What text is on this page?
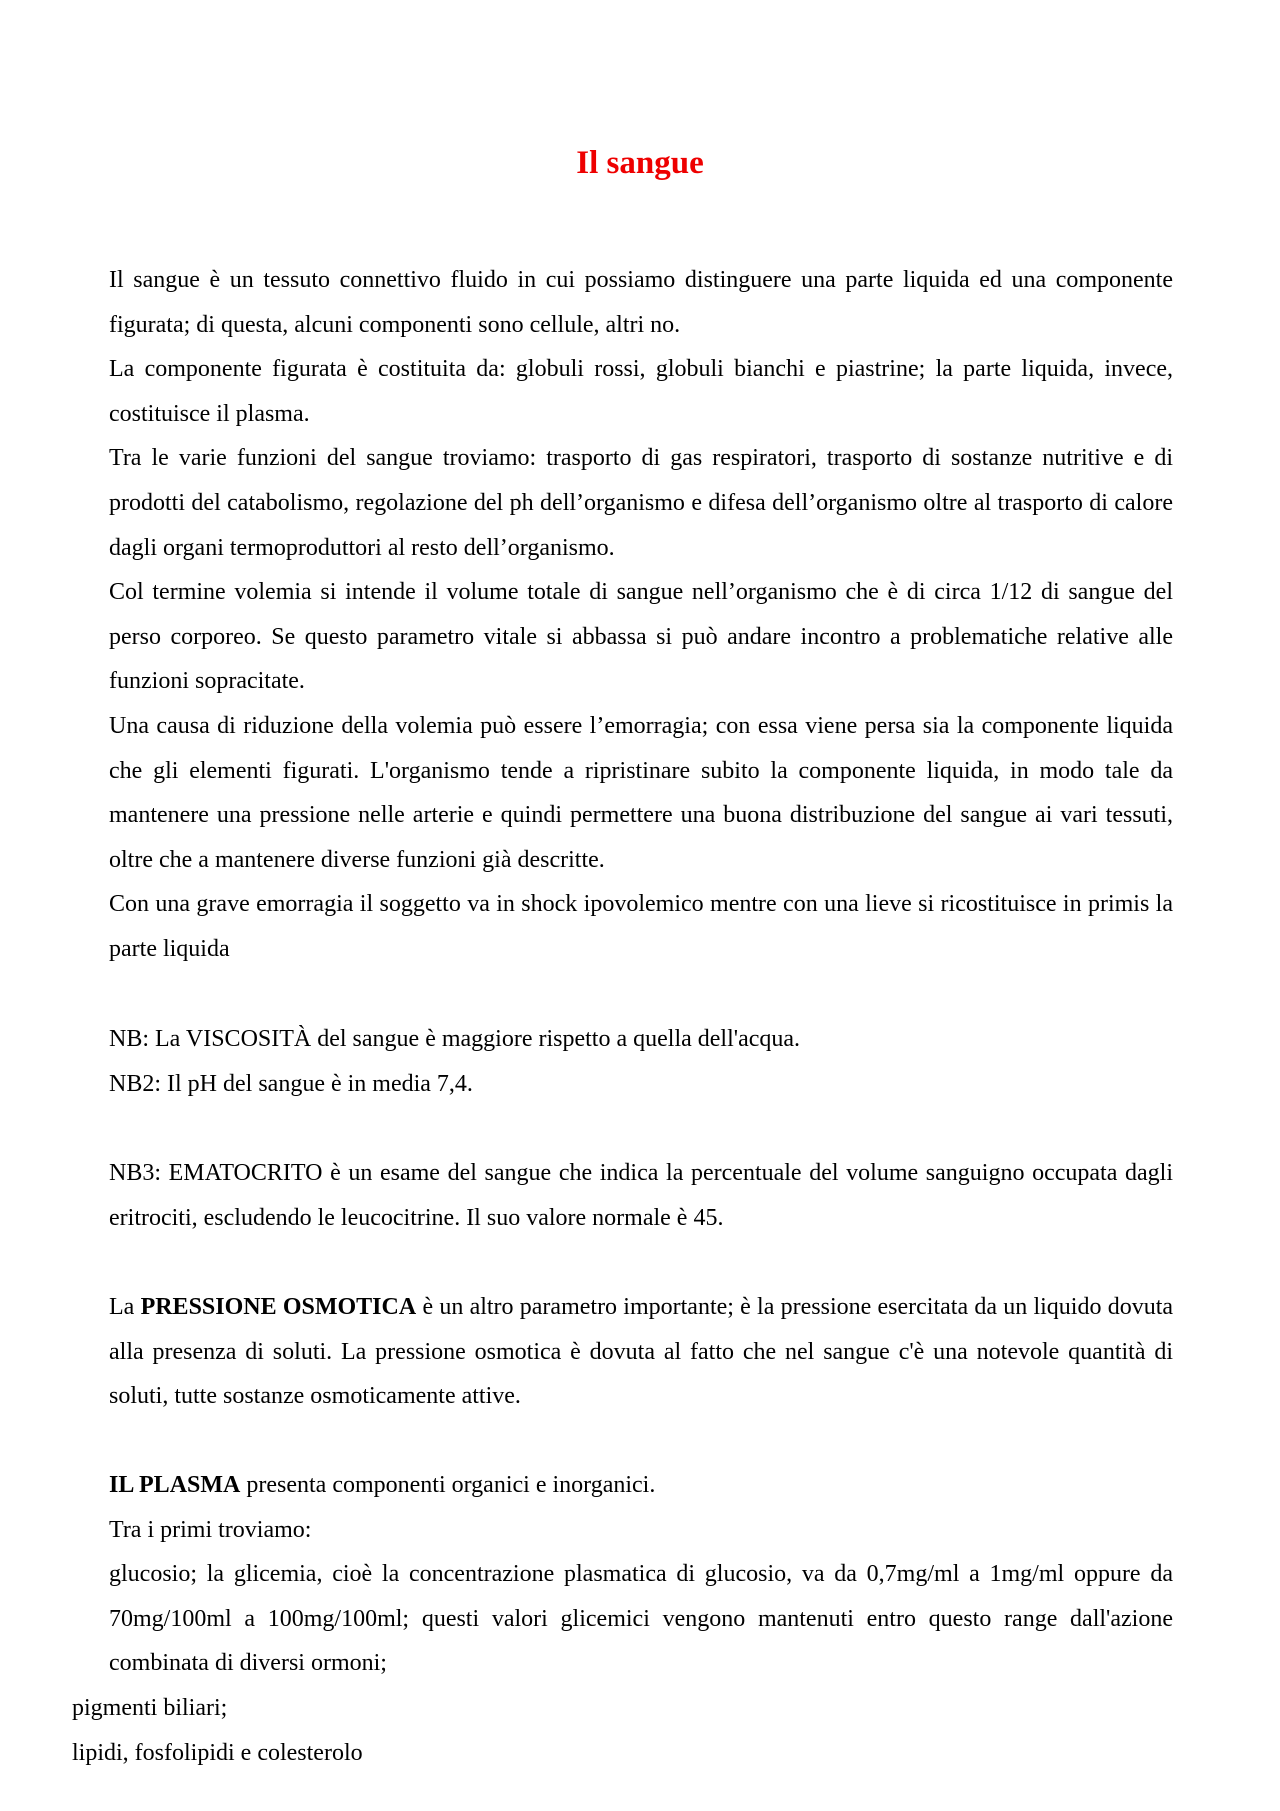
Il sangue

Il sangue è un tessuto connettivo fluido in cui possiamo distinguere una parte liquida ed una componente figurata; di questa, alcuni componenti sono cellule, altri no.

La componente figurata è costituita da: globuli rossi, globuli bianchi e piastrine; la parte liquida, invece, costituisce il plasma.

Tra le varie funzioni del sangue troviamo: trasporto di gas respiratori, trasporto di sostanze nutritive e di prodotti del catabolismo, regolazione del ph dell’organismo e difesa dell’organismo oltre al trasporto di calore dagli organi termoproduttori al resto dell’organismo.

Col termine volemia si intende il volume totale di sangue nell’organismo che è di circa 1/12 di sangue del perso corporeo. Se questo parametro vitale si abbassa si può andare incontro a problematiche relative alle funzioni sopracitate.

Una causa di riduzione della volemia può essere l’emorragia; con essa viene persa sia la componente liquida che gli elementi figurati. L'organismo tende a ripristinare subito la componente liquida, in modo tale da mantenere una pressione nelle arterie e quindi permettere una buona distribuzione del sangue ai vari tessuti, oltre che a mantenere diverse funzioni già descritte.

Con una grave emorragia il soggetto va in shock ipovolemico mentre con una lieve si ricostituisce in primis la parte liquida

NB: La VISCOSITÀ del sangue è maggiore rispetto a quella dell'acqua.

NB2: Il pH del sangue è in media 7,4.

NB3: EMATOCRITO è un esame del sangue che indica la percentuale del volume sanguigno occupata dagli eritrociti, escludendo le leucocitrine. Il suo valore normale è 45.

La PRESSIONE OSMOTICA è un altro parametro importante; è la pressione esercitata da un liquido dovuta alla presenza di soluti. La pressione osmotica è dovuta al fatto che nel sangue c'è una notevole quantità di soluti, tutte sostanze osmoticamente attive.

IL PLASMA presenta componenti organici e inorganici.

Tra i primi troviamo:

glucosio; la glicemia, cioè la concentrazione plasmatica di glucosio, va da 0,7mg/ml a 1mg/ml oppure da 70mg/100ml a 100mg/100ml; questi valori glicemici vengono mantenuti entro questo range dall'azione combinata di diversi ormoni;

pigmenti biliari;

lipidi, fosfolipidi e colesterolo
